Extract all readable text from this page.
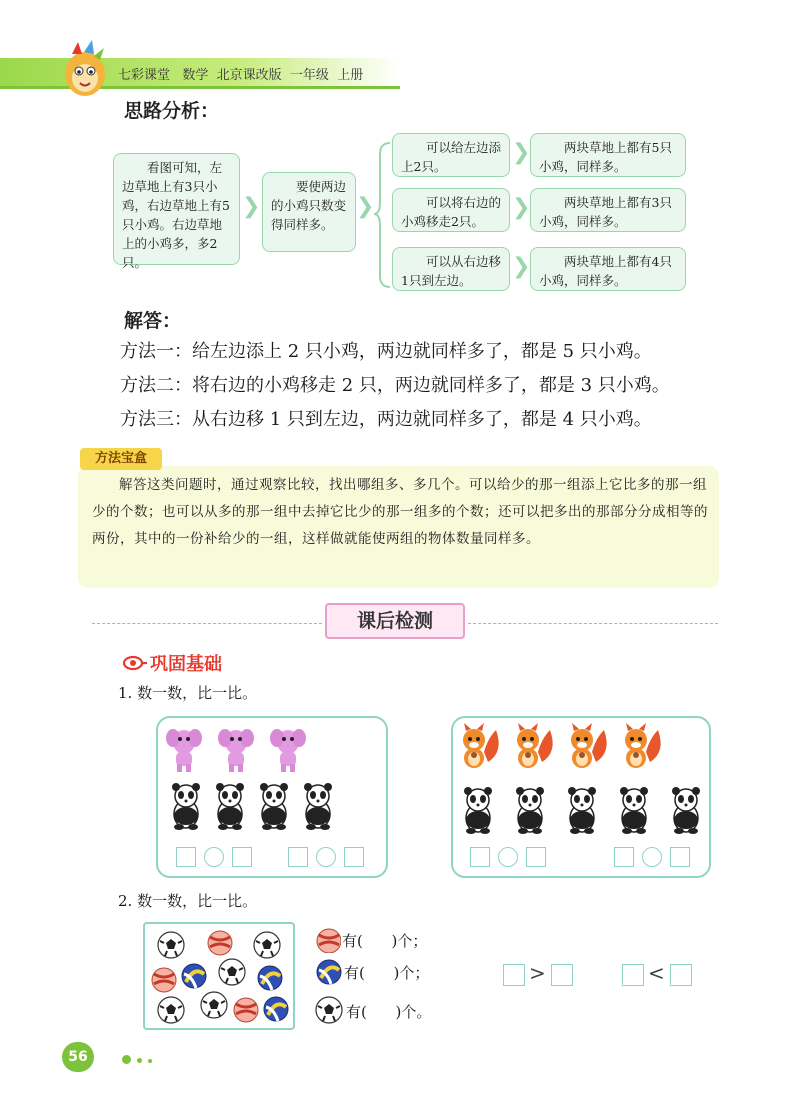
七彩课堂   数学  北京课改版  一年级  上册
思路分析：
看图可知，左边草地上有3只小鸡，右边草地上有5只小鸡。右边草地上的小鸡多，多2只。
❯
要使两边的小鸡只数变得同样多。
❯
可以给左边添上2只。
❯	两块草地上都有5只小鸡，同样多。
可以将右边的小鸡移走2只。
❯	两块草地上都有3只小鸡，同样多。
可以从右边移1只到左边。
❯	两块草地上都有4只小鸡，同样多。
解答：
方法一：给左边添上 2 只小鸡，两边就同样多了，都是 5 只小鸡。
方法二：将右边的小鸡移走 2 只，两边就同样多了，都是 3 只小鸡。
方法三：从右边移 1 只到左边，两边就同样多了，都是 4 只小鸡。
方法宝盒
解答这类问题时，通过观察比较，找出哪组多、多几个。可以给少的那一组添上它比多的那一组少的个数；也可以从多的那一组中去掉它比少的那一组多的个数；还可以把多出的那部分分成相等的两份，其中的一份补给少的一组，这样做就能使两组的物体数量同样多。
课后检测
巩固基础
1. 数一数，比一比。
2. 数一数，比一比。
有(      )个；
有(      )个；
有(      )个。
>	<
56
